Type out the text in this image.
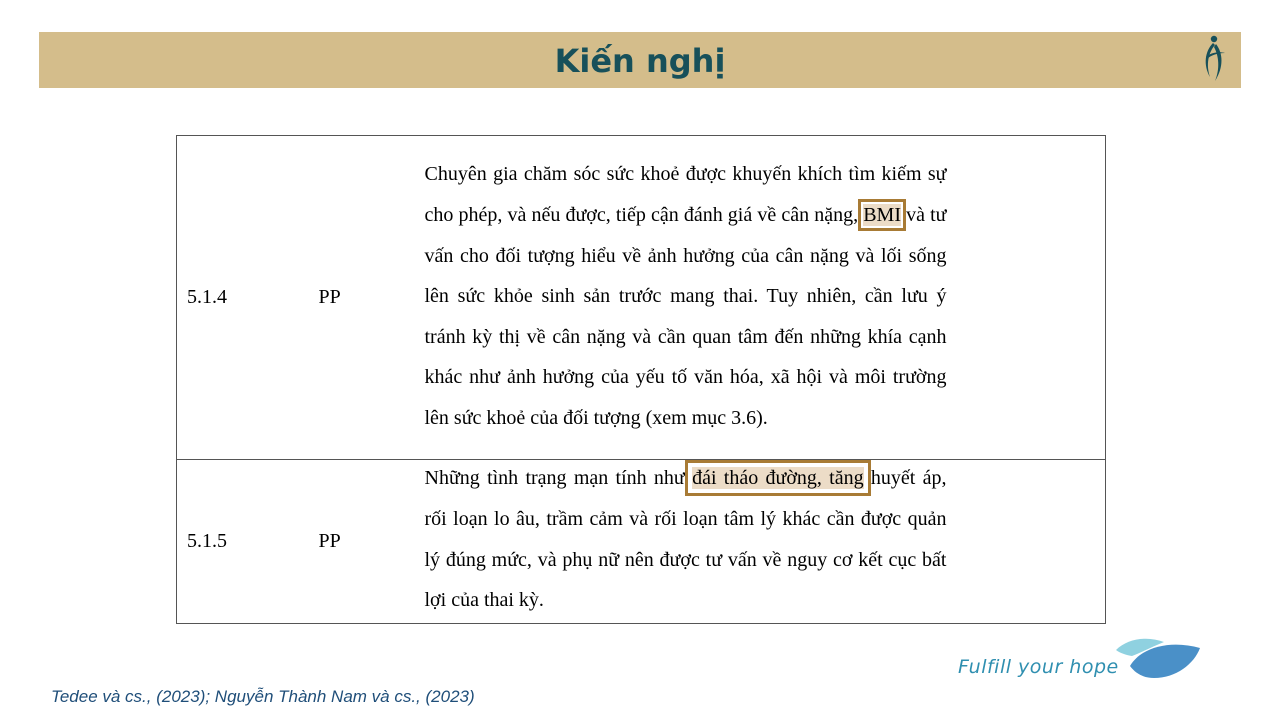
Kiến nghị
5.1.4	PP	Chuyên gia chăm sóc sức khoẻ được khuyến khích tìm kiếm sự cho phép, và nếu được, tiếp cận đánh giá về cân nặng, BMI và tư vấn cho đối tượng hiểu về ảnh hưởng của cân nặng và lối sống lên sức khỏe sinh sản trước mang thai. Tuy nhiên, cần lưu ý tránh kỳ thị về cân nặng và cần quan tâm đến những khía cạnh khác như ảnh hưởng của yếu tố văn hóa, xã hội và môi trường lên sức khoẻ của đối tượng (xem mục 3.6).	

5.1.5	PP	Những tình trạng mạn tính như đái tháo đường, tăng huyết áp, rối loạn lo âu, trầm cảm và rối loạn tâm lý khác cần được quản lý đúng mức, và phụ nữ nên được tư vấn về nguy cơ kết cục bất lợi của thai kỳ.	

Fulfill your hope
Tedee và cs., (2023); Nguyễn Thành Nam và cs., (2023)
